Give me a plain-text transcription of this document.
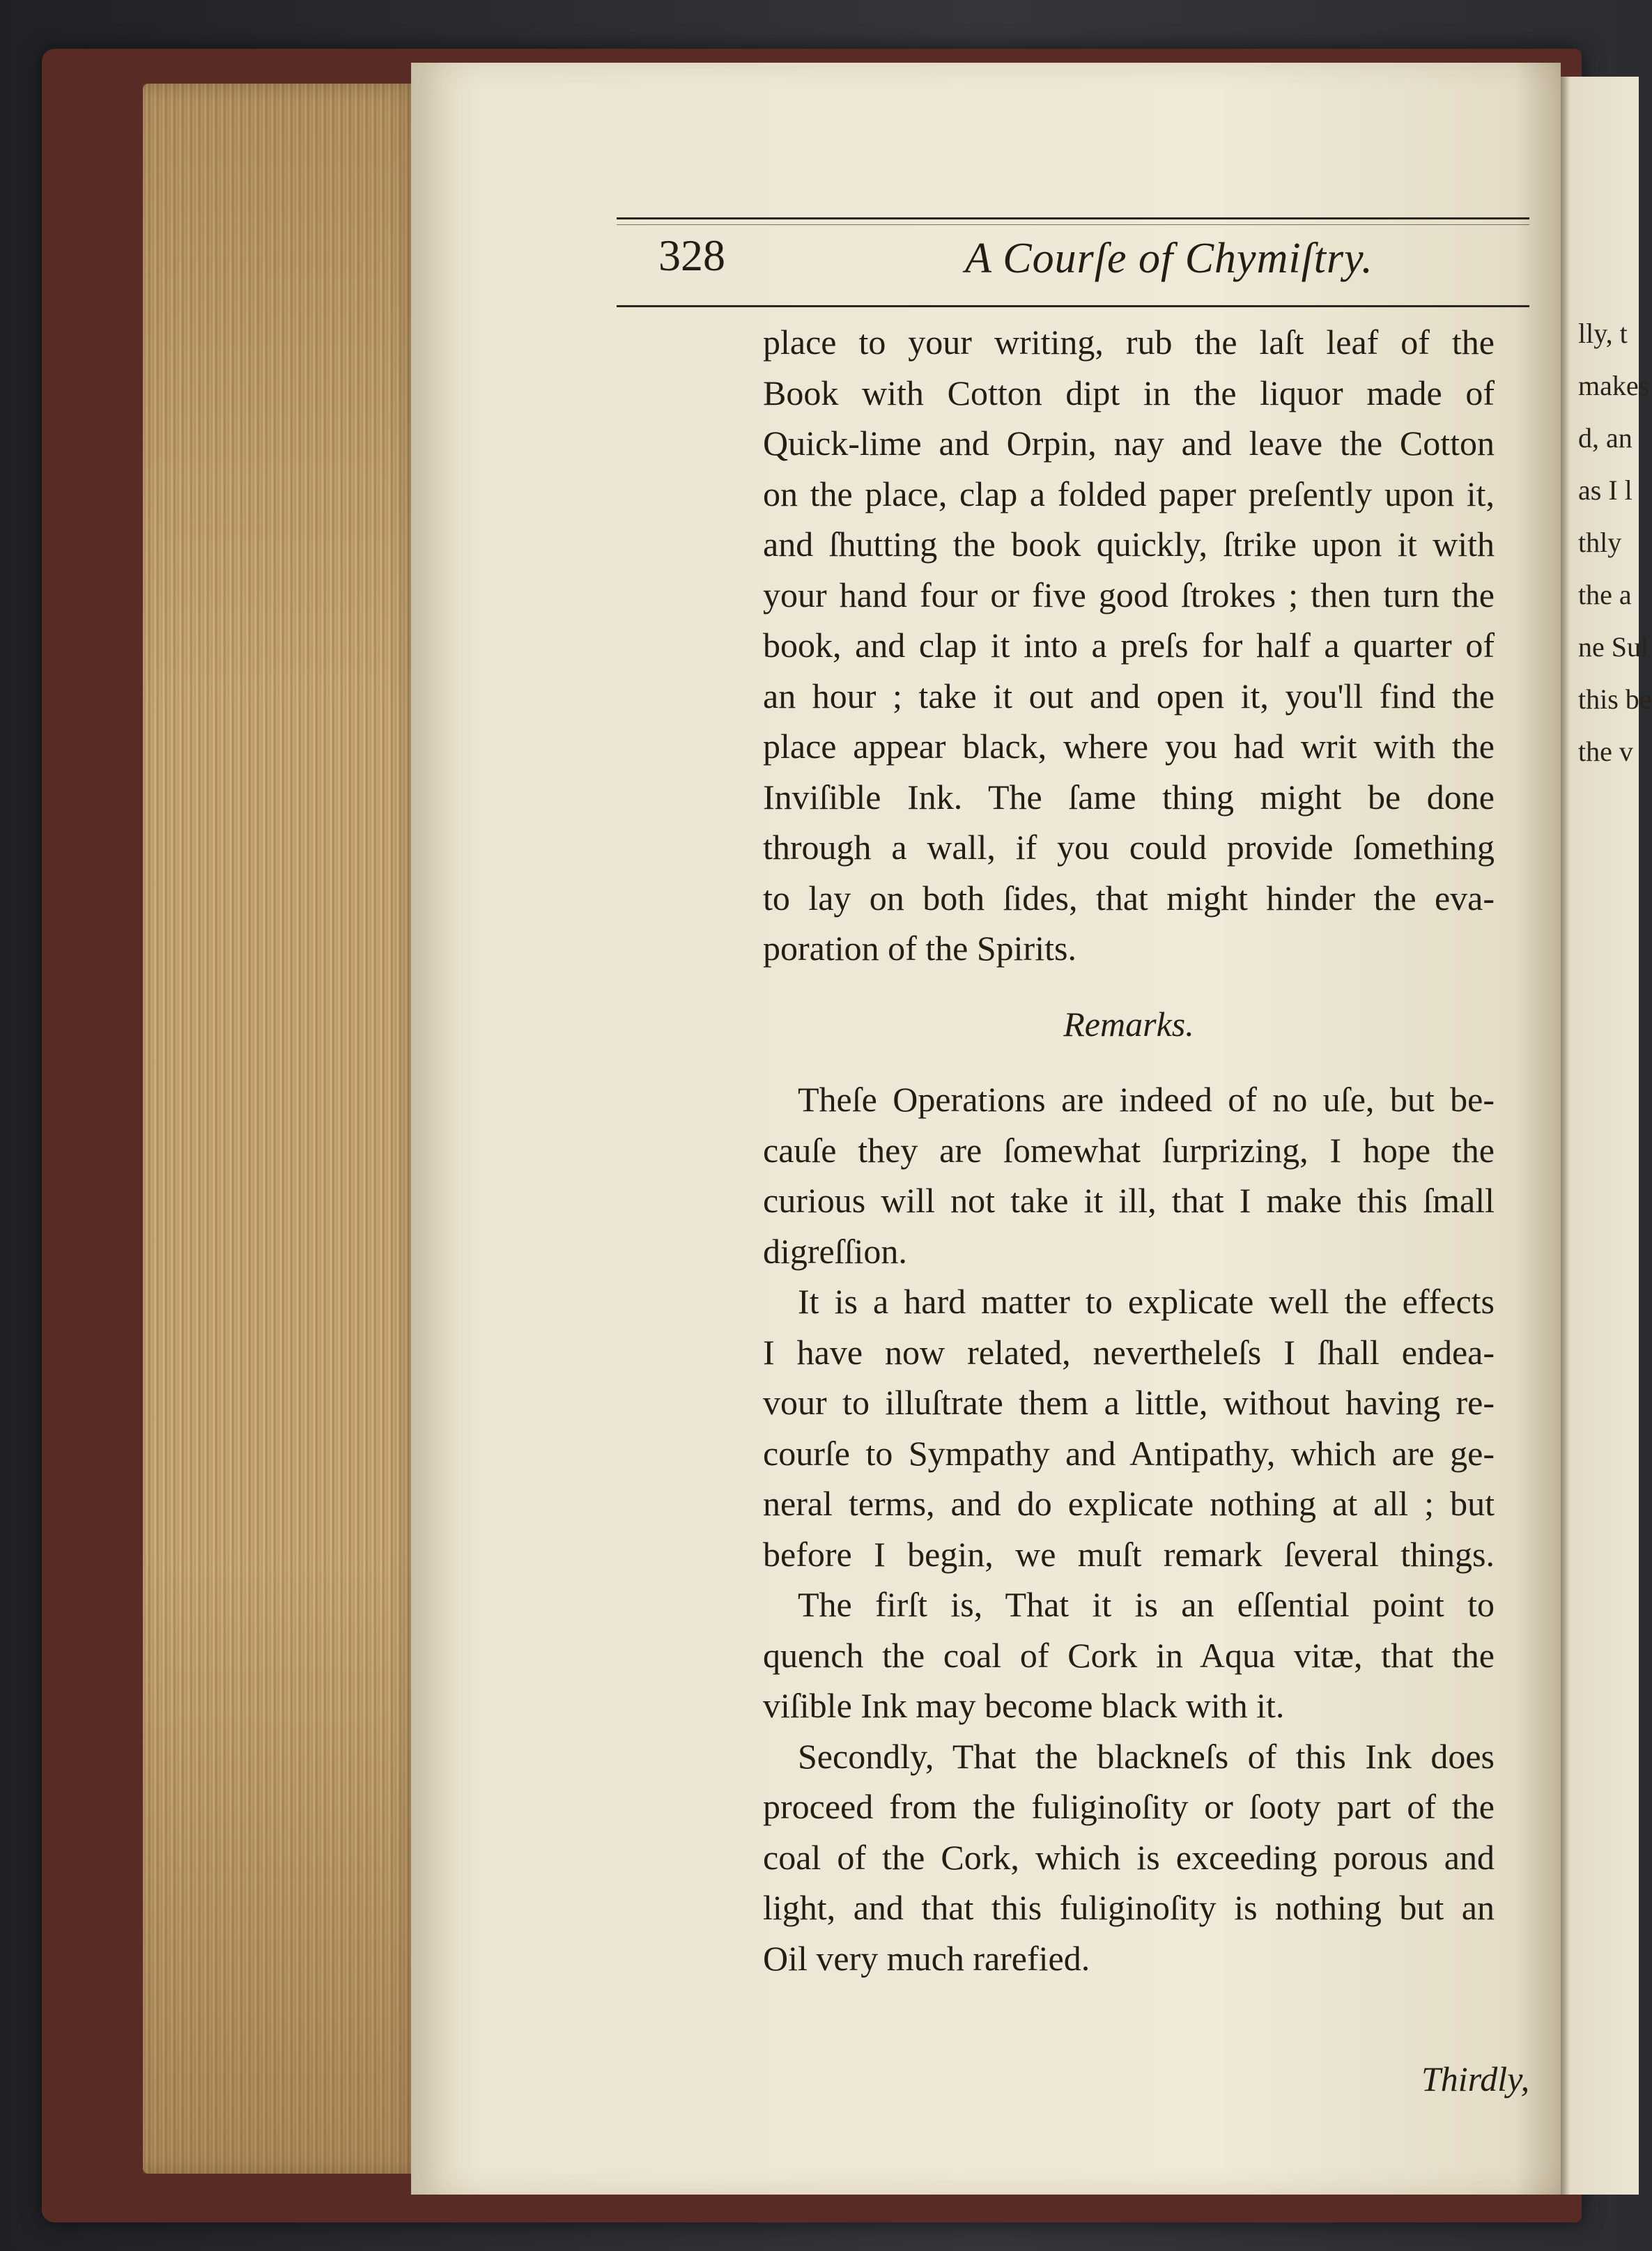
lly, t
makes
d, an
as I l
thly
the a
ne Sul
this be
the v
328	A Courſe of Chymiſtry.
place to your writing, rub the laſt leaf of the
Book with Cotton dipt in the liquor made of
Quick-lime and Orpin, nay and leave the Cotton
on the place, clap a folded paper preſently upon it,
and ſhutting the book quickly, ſtrike upon it with
your hand four or five good ſtrokes ; then turn the
book, and clap it into a preſs for half a quarter of
an hour ; take it out and open it, you'll find the
place appear black, where you had writ with the
Inviſible Ink. The ſame thing might be done
through a wall, if you could provide ſomething
to lay on both ſides, that might hinder the eva-
poration of the Spirits.
Remarks.
Theſe Operations are indeed of no uſe, but be-
cauſe they are ſomewhat ſurprizing, I hope the
curious will not take it ill, that I make this ſmall
digreſſion.
It is a hard matter to explicate well the effects
I have now related, nevertheleſs I ſhall endea-
vour to illuſtrate them a little, without having re-
courſe to Sympathy and Antipathy, which are ge-
neral terms, and do explicate nothing at all ; but
before I begin, we muſt remark ſeveral things.
The firſt is, That it is an eſſential point to
quench the coal of Cork in Aqua vitæ, that the
viſible Ink may become black with it.
Secondly, That the blackneſs of this Ink does
proceed from the fuliginoſity or ſooty part of the
coal of the Cork, which is exceeding porous and
light, and that this fuliginoſity is nothing but an
Oil very much rarefied.
Thirdly,
